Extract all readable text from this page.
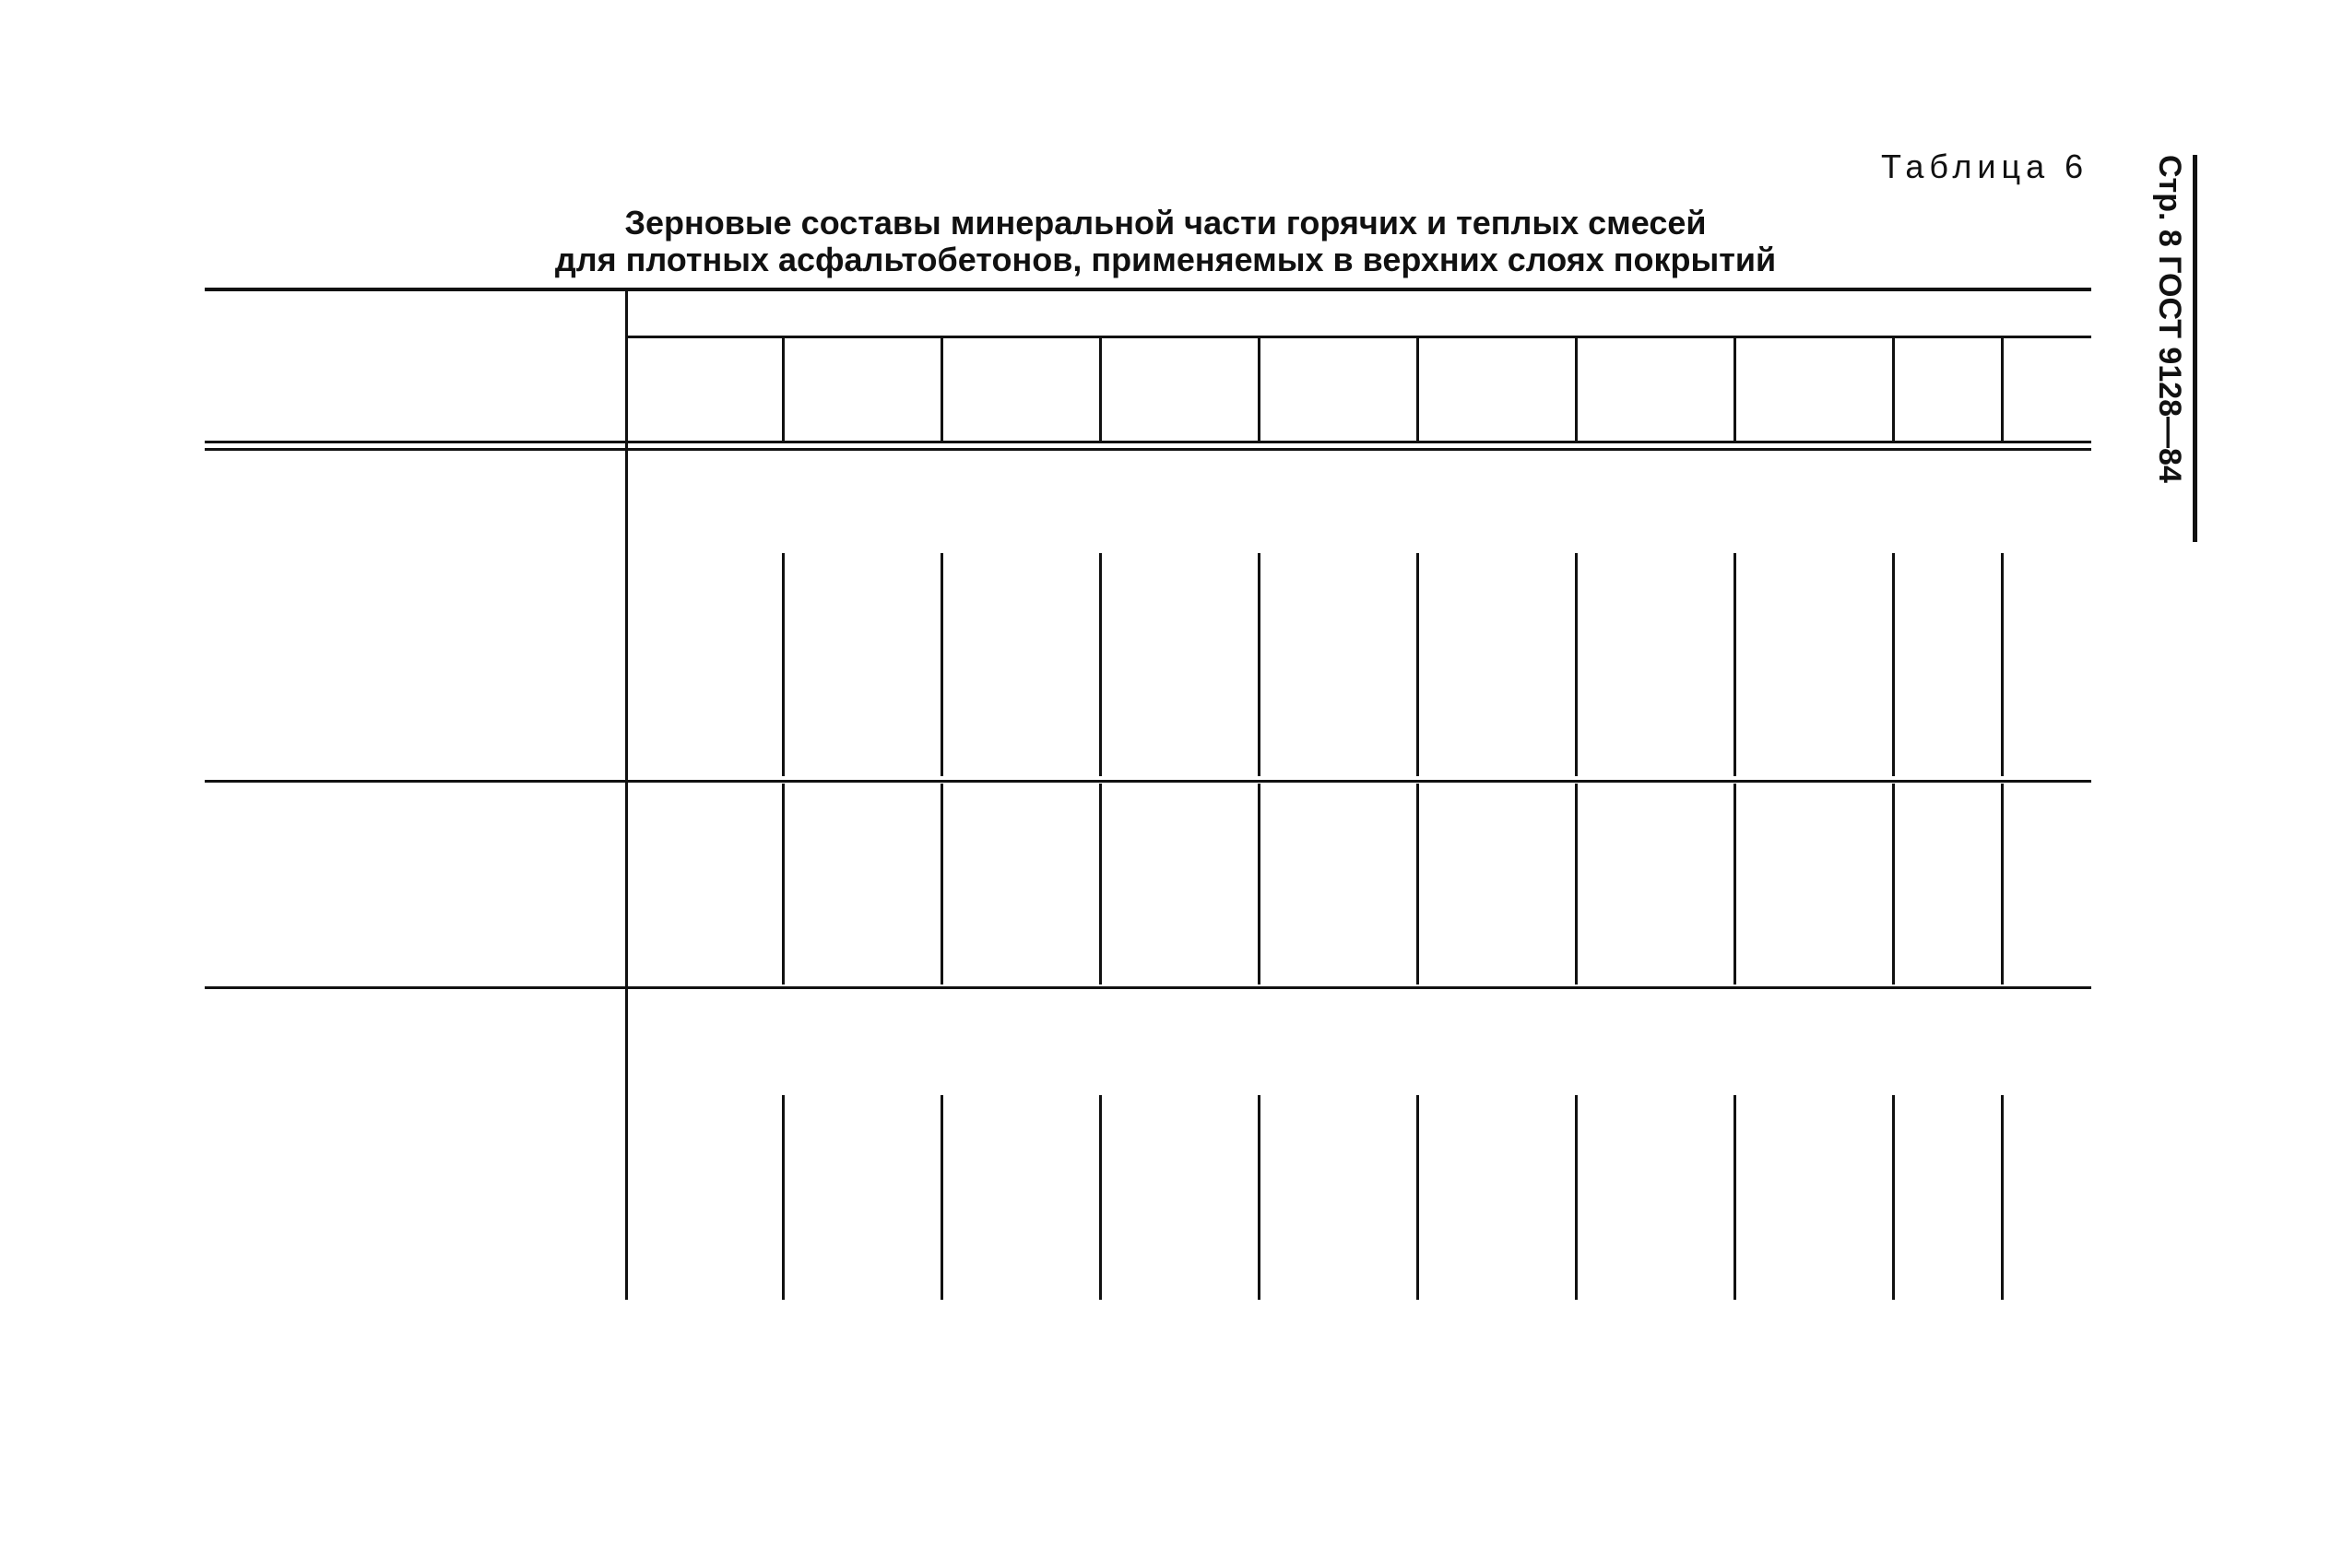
Таблица 6
Зерновые составы минеральной части горячих и теплых смесей
для плотных асфальтобетонов, применяемых в верхних слоях покрытий	Стр. 8 ГОСТ 9128—84
